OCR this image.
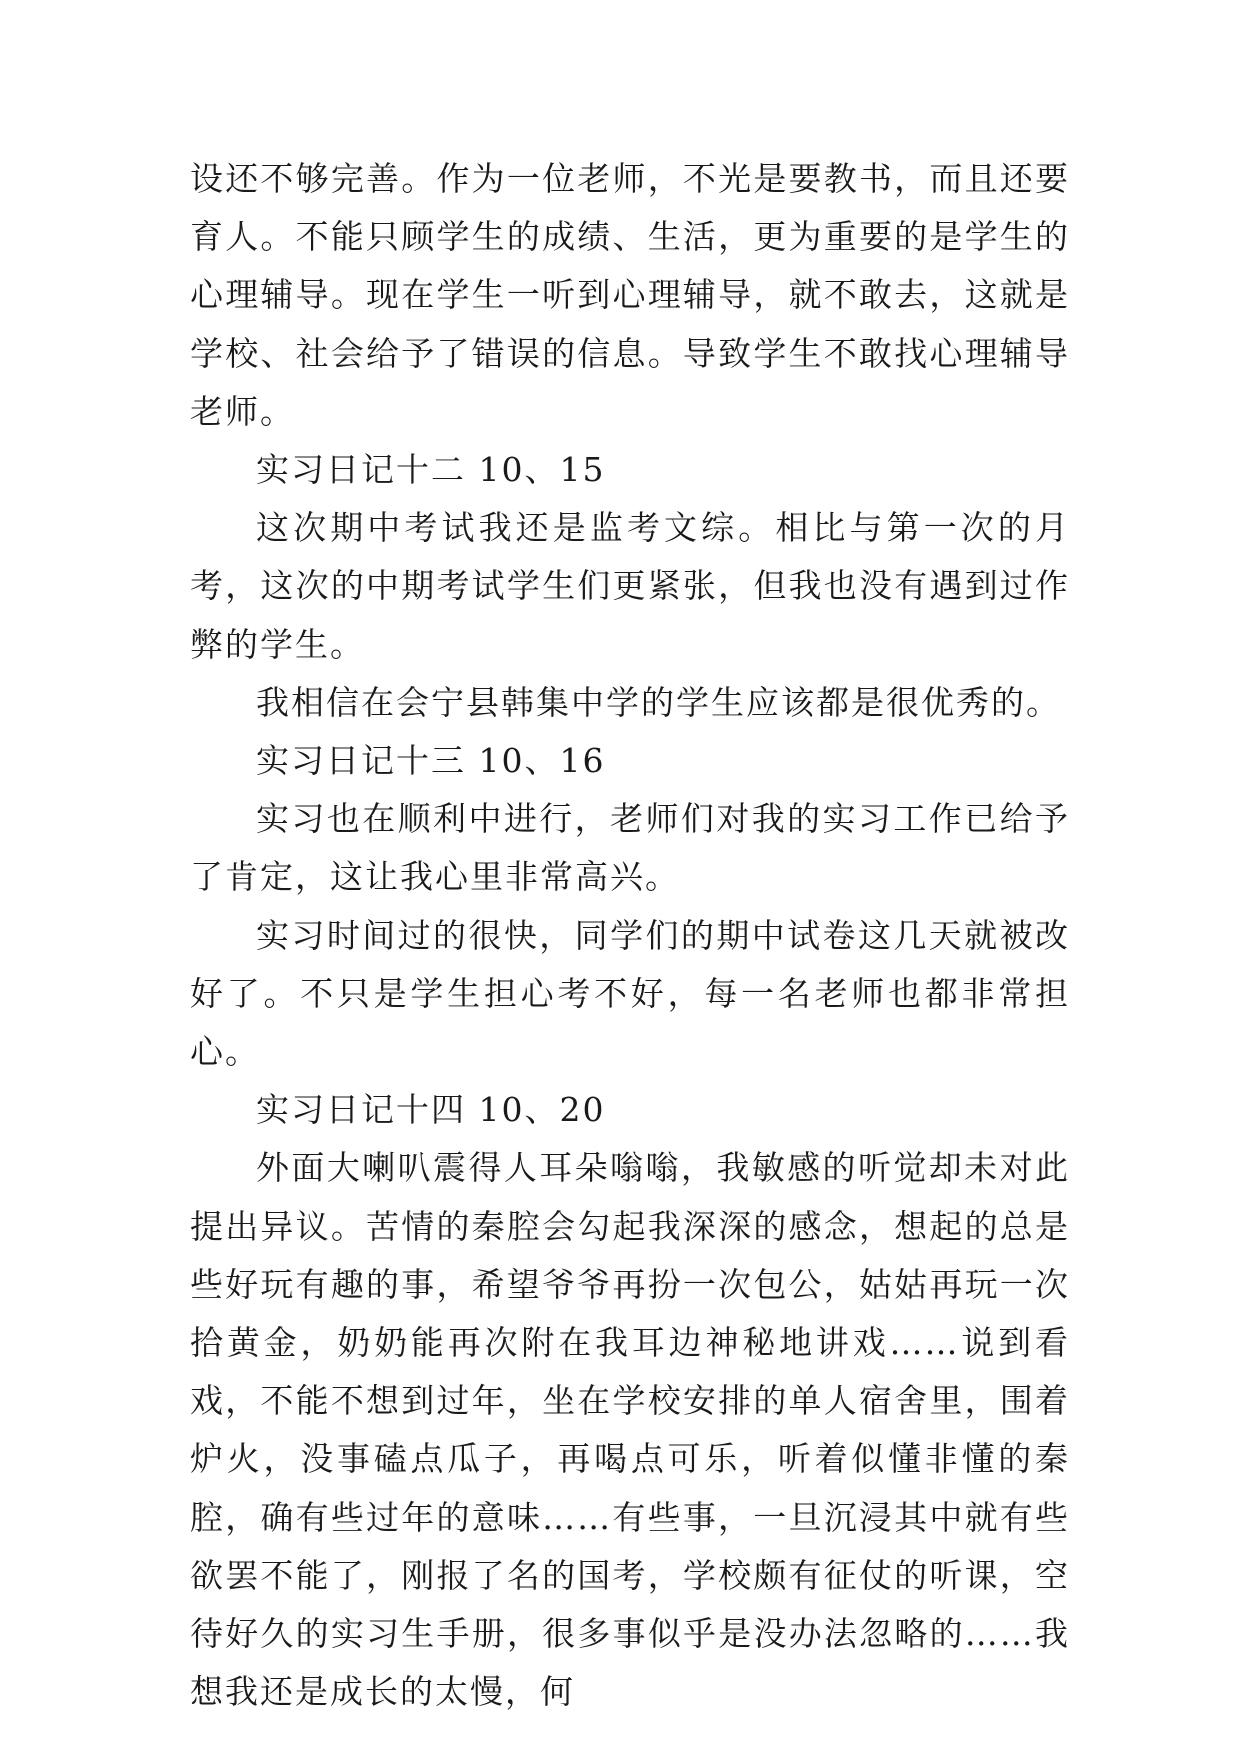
设还不够完善。作为一位老师，不光是要教书，而且还要育人。不能只顾学生的成绩、生活，更为重要的是学生的心理辅导。现在学生一听到心理辅导，就不敢去，这就是学校、社会给予了错误的信息。导致学生不敢找心理辅导老师。

实习日记十二 10、15

这次期中考试我还是监考文综。相比与第一次的月考，这次的中期考试学生们更紧张，但我也没有遇到过作弊的学生。

我相信在会宁县韩集中学的学生应该都是很优秀的。

实习日记十三 10、16

实习也在顺利中进行，老师们对我的实习工作已给予了肯定，这让我心里非常高兴。

实习时间过的很快，同学们的期中试卷这几天就被改好了。不只是学生担心考不好，每一名老师也都非常担心。

实习日记十四 10、20

外面大喇叭震得人耳朵嗡嗡，我敏感的听觉却未对此提出异议。苦情的秦腔会勾起我深深的感念，想起的总是些好玩有趣的事，希望爷爷再扮一次包公，姑姑再玩一次拾黄金，奶奶能再次附在我耳边神秘地讲戏……说到看戏，不能不想到过年，坐在学校安排的单人宿舍里，围着炉火，没事磕点瓜子，再喝点可乐，听着似懂非懂的秦腔，确有些过年的意味……有些事，一旦沉浸其中就有些欲罢不能了，刚报了名的国考，学校颇有征仗的听课，空待好久的实习生手册，很多事似乎是没办法忽略的……我想我还是成长的太慢，何
